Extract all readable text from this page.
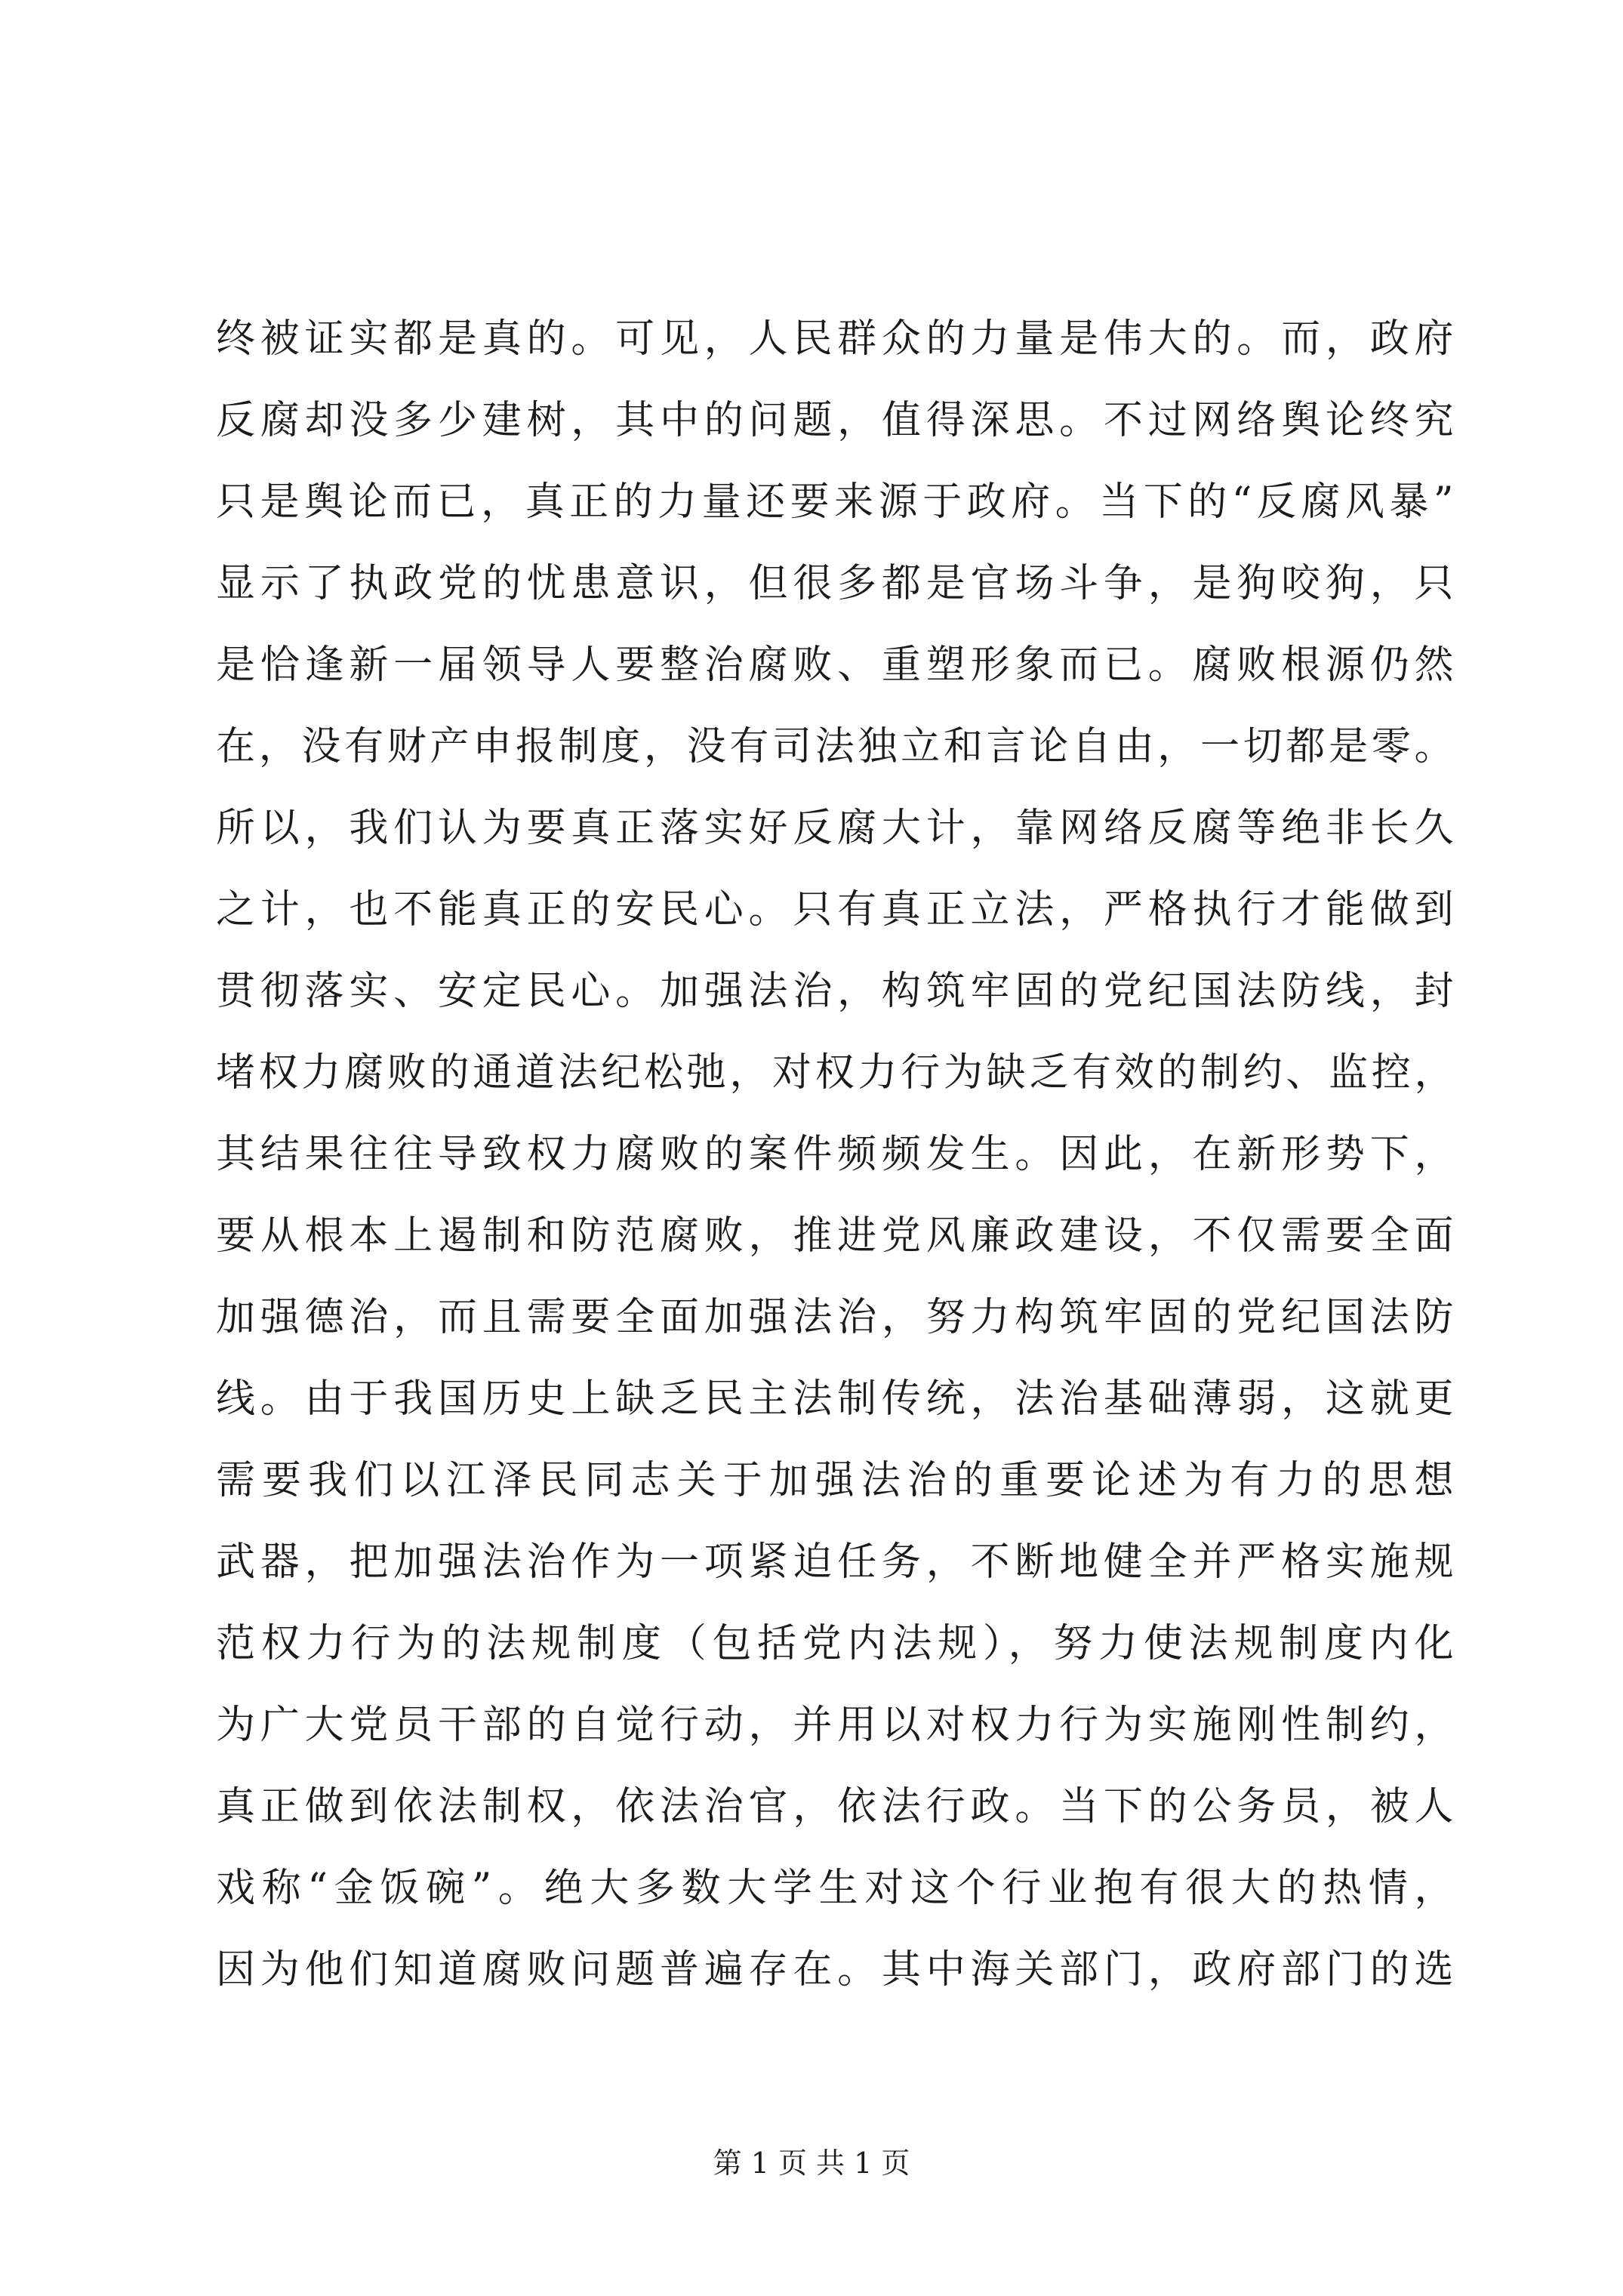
终被证实都是真的。可见，人民群众的力量是伟大的。而，政府
反腐却没多少建树，其中的问题，值得深思。不过网络舆论终究
只是舆论而已，真正的力量还要来源于政府。当下的“反腐风暴”
显示了执政党的忧患意识，但很多都是官场斗争，是狗咬狗，只
是恰逢新一届领导人要整治腐败、重塑形象而已。腐败根源仍然
在，没有财产申报制度，没有司法独立和言论自由，一切都是零。
所以，我们认为要真正落实好反腐大计，靠网络反腐等绝非长久
之计，也不能真正的安民心。只有真正立法，严格执行才能做到
贯彻落实、安定民心。加强法治，构筑牢固的党纪国法防线，封
堵权力腐败的通道法纪松弛，对权力行为缺乏有效的制约、监控，
其结果往往导致权力腐败的案件频频发生。因此，在新形势下，
要从根本上遏制和防范腐败，推进党风廉政建设，不仅需要全面
加强德治，而且需要全面加强法治，努力构筑牢固的党纪国法防
线。由于我国历史上缺乏民主法制传统，法治基础薄弱，这就更
需要我们以江泽民同志关于加强法治的重要论述为有力的思想
武器，把加强法治作为一项紧迫任务，不断地健全并严格实施规
范权力行为的法规制度（包括党内法规），努力使法规制度内化
为广大党员干部的自觉行动，并用以对权力行为实施刚性制约，
真正做到依法制权，依法治官，依法行政。当下的公务员，被人
戏称“金饭碗”。绝大多数大学生对这个行业抱有很大的热情，
因为他们知道腐败问题普遍存在。其中海关部门，政府部门的选
第 1 页 共 1 页
